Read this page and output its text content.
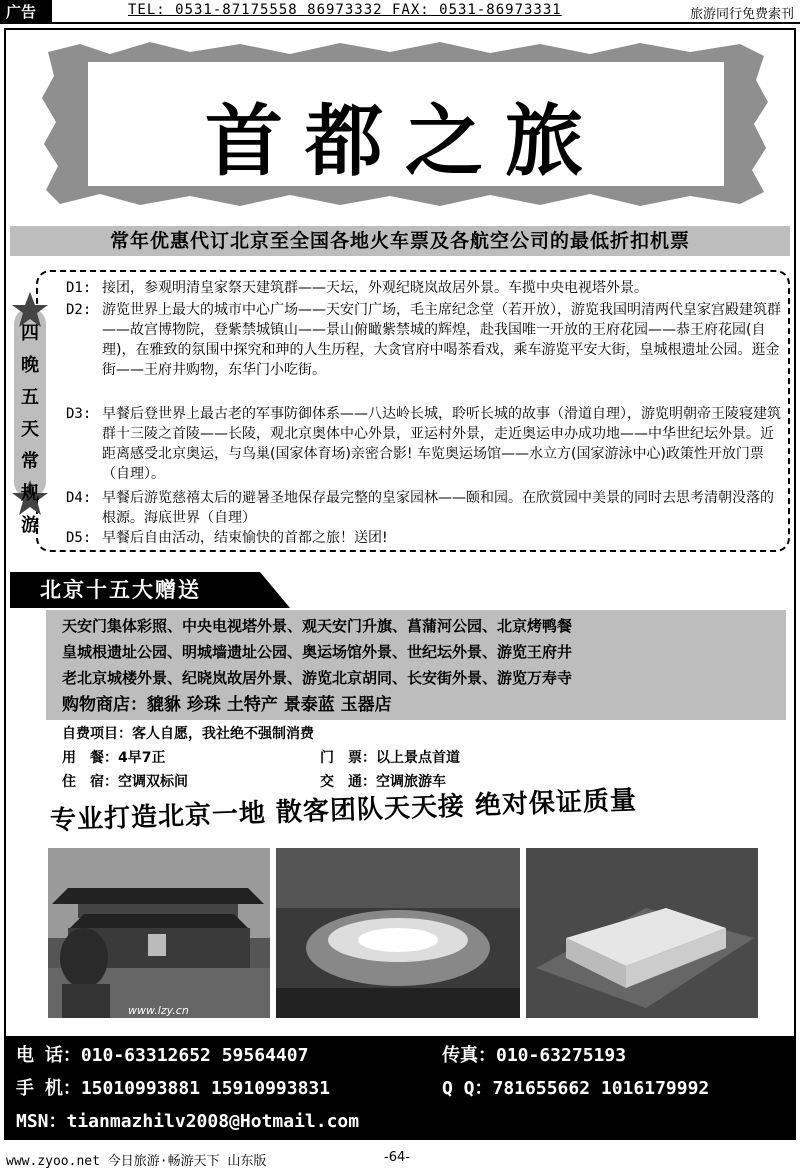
广告	TEL: 0531-87175558 86973332 FAX: 0531-86973331	旅游同行免费索刊
首都之旅
常年优惠代订北京至全国各地火车票及各航空公司的最低折扣机票
四晚五天常规游
D1: 接团，参观明清皇家祭天建筑群——天坛，外观纪晓岚故居外景。车揽中央电视塔外景。
D2: 游览世界上最大的城市中心广场——天安门广场，毛主席纪念堂（若开放），游览我国明清两代皇家宫殿建筑群——故宫博物院，登紫禁城镇山——景山俯瞰紫禁城的辉煌，赴我国唯一开放的王府花园——恭王府花园(自理)，在雅致的氛围中探究和珅的人生历程，大贪官府中喝茶看戏，乘车游览平安大街，皇城根遗址公园。逛金街——王府井购物，东华门小吃街。
D3: 早餐后登世界上最古老的军事防御体系——八达岭长城，聆听长城的故事（滑道自理），游览明朝帝王陵寝建筑群十三陵之首陵——长陵，观北京奥体中心外景，亚运村外景，走近奥运申办成功地——中华世纪坛外景。近距离感受北京奥运，与鸟巢(国家体育场)亲密合影! 车览奥运场馆——水立方(国家游泳中心)政策性开放门票（自理）。
D4: 早餐后游览慈禧太后的避暑圣地保存最完整的皇家园林——颐和园。在欣赏园中美景的同时去思考清朝没落的根源。海底世界（自理）
D5: 早餐后自由活动，结束愉快的首都之旅！送团!
北京十五大赠送
天安门集体彩照、中央电视塔外景、观天安门升旗、菖蒲河公园、北京烤鸭餐
皇城根遗址公园、明城墙遗址公园、奥运场馆外景、世纪坛外景、游览王府井
老北京城楼外景、纪晓岚故居外景、游览北京胡同、长安街外景、游览万寿寺
购物商店：貔貅 珍珠 土特产 景泰蓝 玉器店
自费项目：客人自愿，我社绝不强制消费
用　餐：4早7正	门　票：以上景点首道
住　宿：空调双标间	交　通：空调旅游车
专业打造北京一地 散客团队天天接 绝对保证质量
www.lzy.cn
电 话：010-63312652 59564407	传真：010-63275193
手 机：15010993881 15910993831	Q Q：781655662 1016179992
MSN：tianmazhilv2008@Hotmail.com
www.zyoo.net 今日旅游·畅游天下 山东版	-64-
